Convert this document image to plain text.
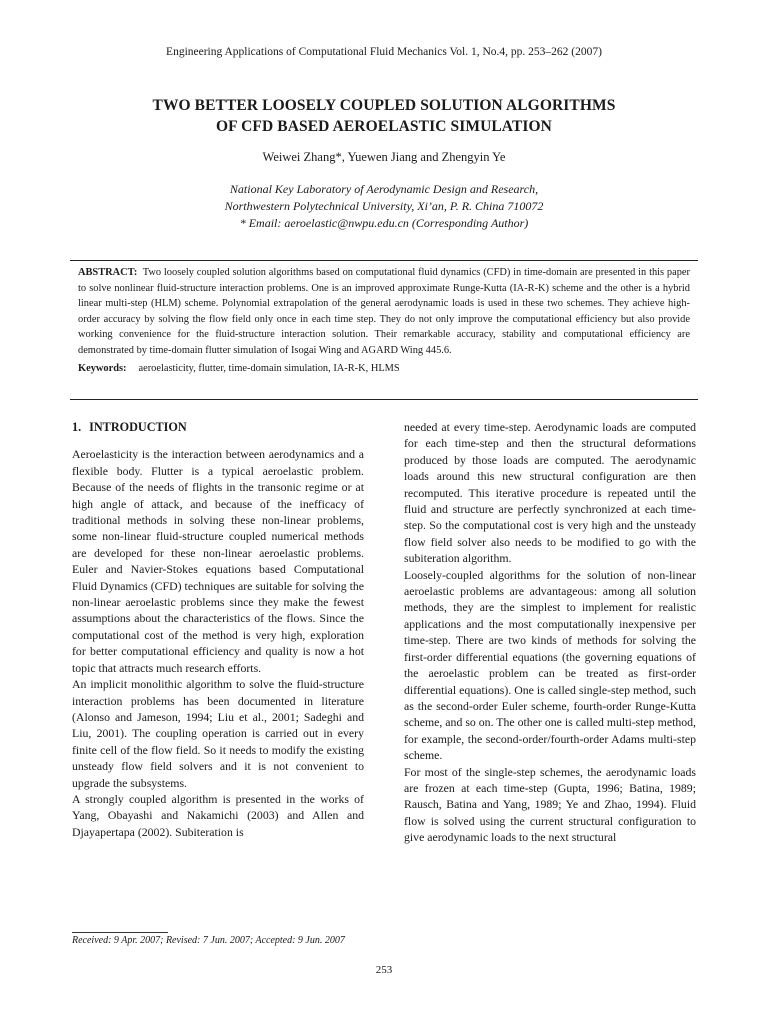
Engineering Applications of Computational Fluid Mechanics Vol. 1, No.4, pp. 253–262 (2007)

TWO BETTER LOOSELY COUPLED SOLUTION ALGORITHMS
OF CFD BASED AEROELASTIC SIMULATION

Weiwei Zhang*, Yuewen Jiang and Zhengyin Ye

National Key Laboratory of Aerodynamic Design and Research,
Northwestern Polytechnical University, Xi’an, P. R. China 710072
* Email: aeroelastic@nwpu.edu.cn (Corresponding Author)

ABSTRACT: Two loosely coupled solution algorithms based on computational fluid dynamics (CFD) in time-domain are presented in this paper to solve nonlinear fluid-structure interaction problems. One is an improved approximate Runge-Kutta (IA-R-K) scheme and the other is a hybrid linear multi-step (HLM) scheme. Polynomial extrapolation of the general aerodynamic loads is used in these two schemes. They achieve high-order accuracy by solving the flow field only once in each time step. They do not only improve the computational efficiency but also provide working convenience for the fluid-structure interaction solution. Their remarkable accuracy, stability and computational efficiency are demonstrated by time-domain flutter simulation of Isogai Wing and AGARD Wing 445.6.

Keywords: aeroelasticity, flutter, time-domain simulation, IA-R-K, HLMS

1. INTRODUCTION

Aeroelasticity is the interaction between aerodynamics and a flexible body. Flutter is a typical aeroelastic problem. Because of the needs of flights in the transonic regime or at high angle of attack, and because of the inefficacy of traditional methods in solving these non-linear problems, some non-linear fluid-structure coupled numerical methods are developed for these non-linear aeroelastic problems. Euler and Navier-Stokes equations based Computational Fluid Dynamics (CFD) techniques are suitable for solving the non-linear aeroelastic problems since they make the fewest assumptions about the characteristics of the flows. Since the computational cost of the method is very high, exploration for better computational efficiency and quality is now a hot topic that attracts much research efforts.

An implicit monolithic algorithm to solve the fluid-structure interaction problems has been documented in literature (Alonso and Jameson, 1994; Liu et al., 2001; Sadeghi and Liu, 2001). The coupling operation is carried out in every finite cell of the flow field. So it needs to modify the existing unsteady flow field solvers and it is not convenient to upgrade the subsystems.

A strongly coupled algorithm is presented in the works of Yang, Obayashi and Nakamichi (2003) and Allen and Djayapertapa (2002). Subiteration is

needed at every time-step. Aerodynamic loads are computed for each time-step and then the structural deformations produced by those loads are computed. The aerodynamic loads around this new structural configuration are then recomputed. This iterative procedure is repeated until the fluid and structure are perfectly synchronized at each time-step. So the computational cost is very high and the unsteady flow field solver also needs to be modified to go with the subiteration algorithm.

Loosely-coupled algorithms for the solution of non-linear aeroelastic problems are advantageous: among all solution methods, they are the simplest to implement for realistic applications and the most computationally inexpensive per time-step. There are two kinds of methods for solving the first-order differential equations (the governing equations of the aeroelastic problem can be treated as first-order differential equations). One is called single-step method, such as the second-order Euler scheme, fourth-order Runge-Kutta scheme, and so on. The other one is called multi-step method, for example, the second-order/fourth-order Adams multi-step scheme.

For most of the single-step schemes, the aerodynamic loads are frozen at each time-step (Gupta, 1996; Batina, 1989; Rausch, Batina and Yang, 1989; Ye and Zhao, 1994). Fluid flow is solved using the current structural configuration to give aerodynamic loads to the next structural

Received: 9 Apr. 2007; Revised: 7 Jun. 2007; Accepted: 9 Jun. 2007

253
